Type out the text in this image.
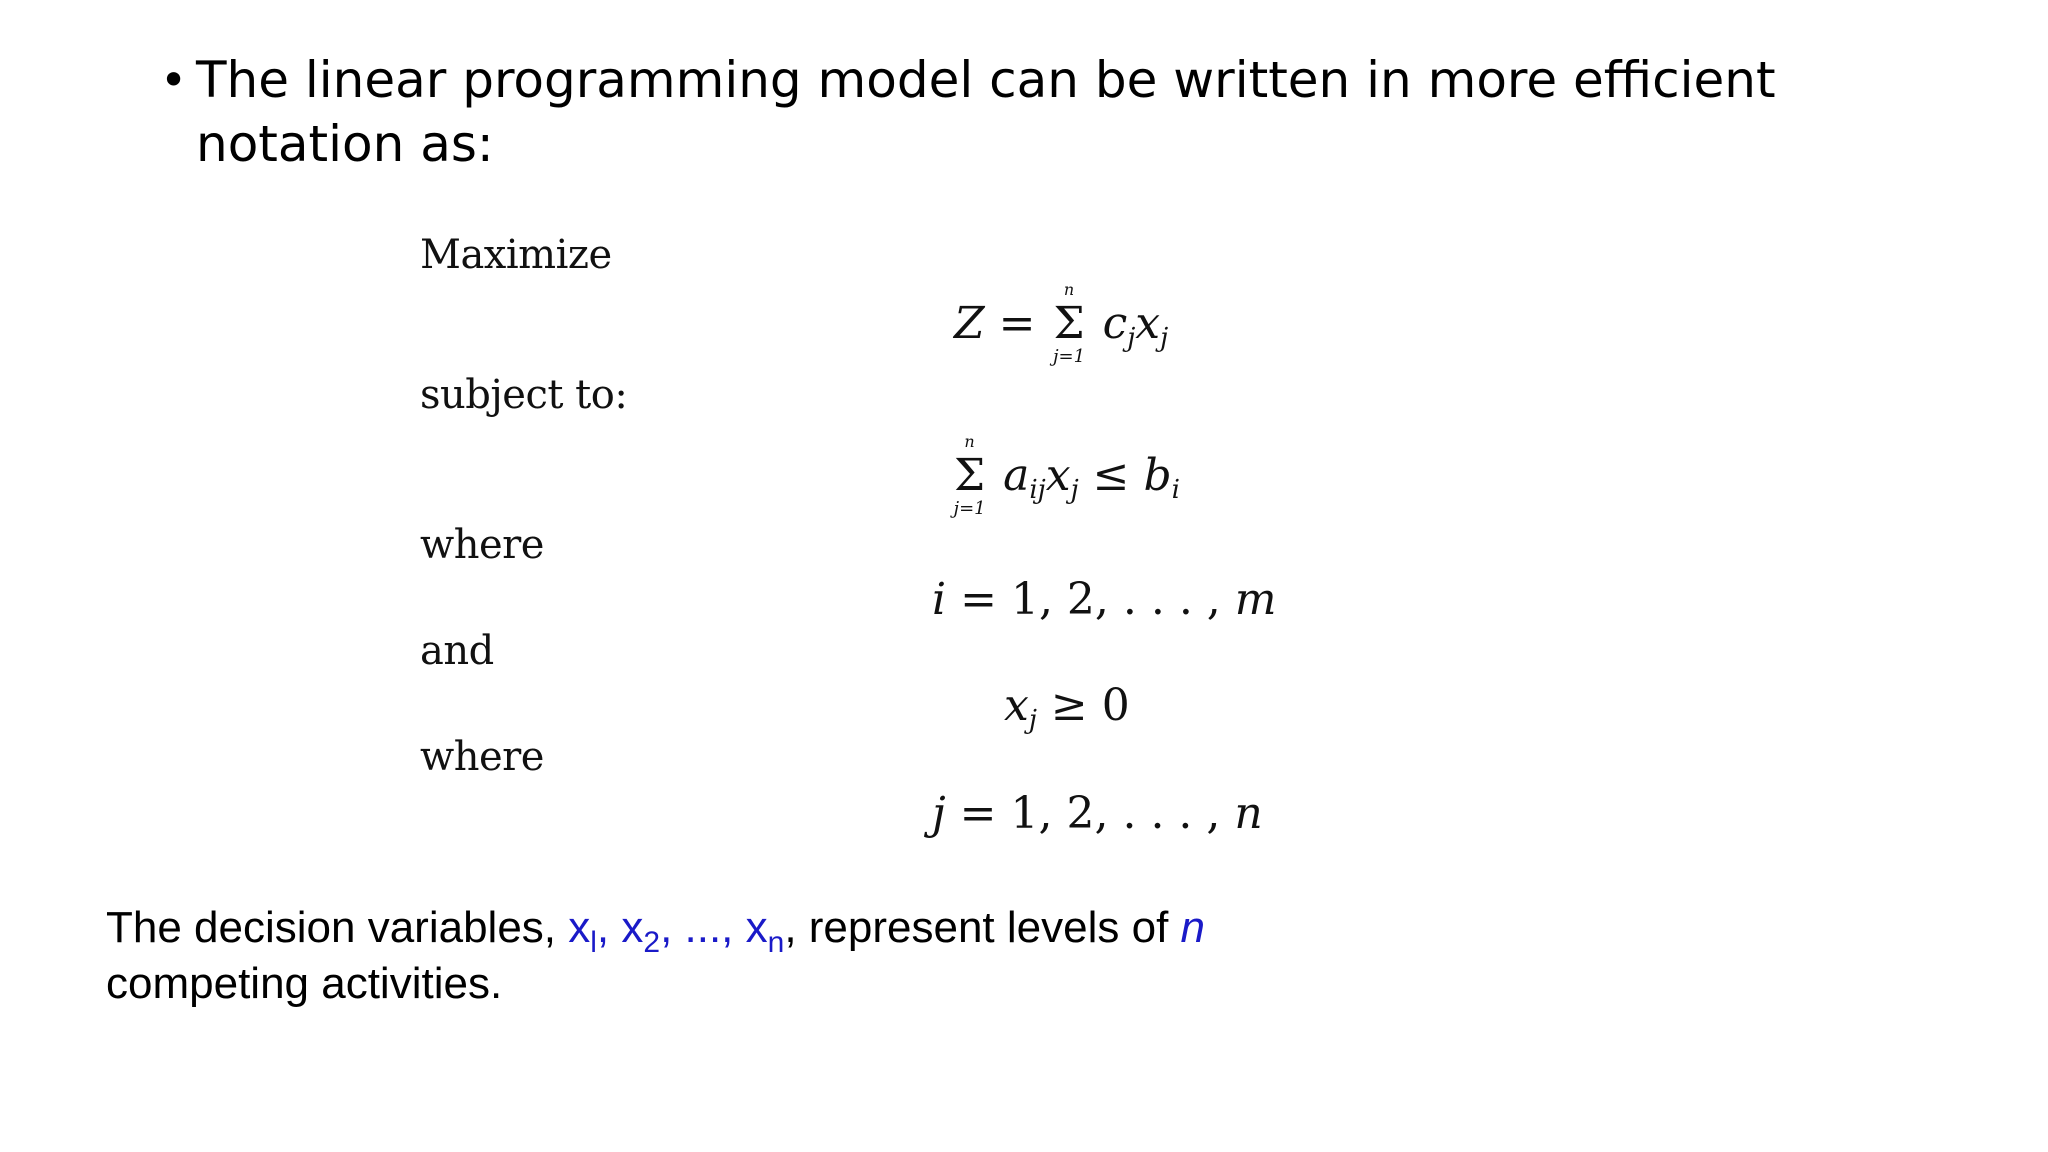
• The linear programming model can be written in more efficient notation as:
Maximize
subject to:
where
and
where
Z = Σ
n
j=1
cjxj
Σ
n
j=1
aijxj ≤ bi
i = 1, 2, . . . , m
xj ≥ 0
j = 1, 2, . . . , n
The decision variables, $x_l$, $x_2$, ..., $x_n$, represent levels of n
competing activities.
